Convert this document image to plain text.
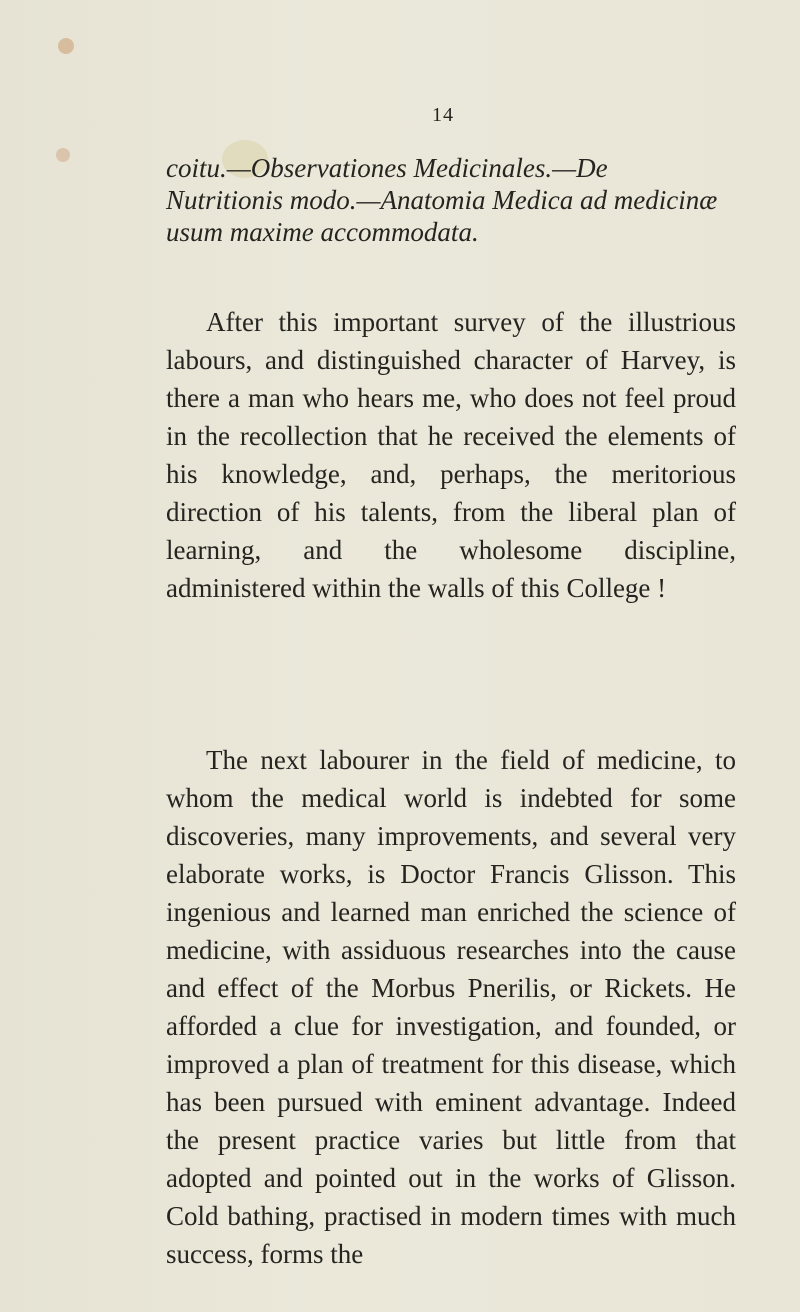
14
coitu.—Observationes Medicinales.—De Nutritionis modo.—Anatomia Medica ad medicinæ usum maxime accommodata.

After this important survey of the illustrious labours, and distinguished character of Harvey, is there a man who hears me, who does not feel proud in the recollection that he received the elements of his knowledge, and, perhaps, the meritorious direction of his talents, from the liberal plan of learning, and the wholesome discipline, administered within the walls of this College !

The next labourer in the field of medicine, to whom the medical world is indebted for some discoveries, many improvements, and several very elaborate works, is Doctor Francis Glisson. This ingenious and learned man enriched the science of medicine, with assiduous researches into the cause and effect of the Morbus Pnerilis, or Rickets. He afforded a clue for investigation, and founded, or improved a plan of treatment for this disease, which has been pursued with eminent advantage. Indeed the present practice varies but little from that adopted and pointed out in the works of Glisson. Cold bathing, practised in modern times with much success, forms the
